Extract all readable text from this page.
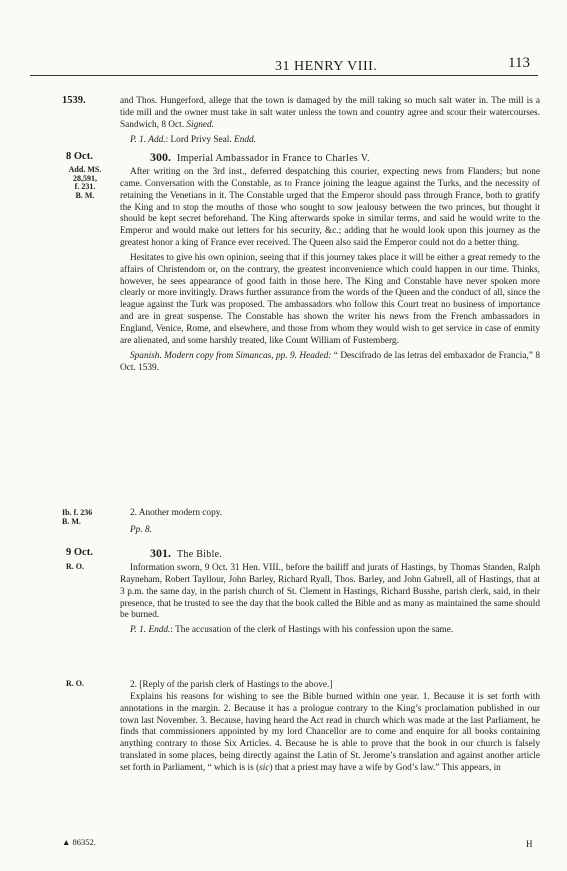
31 HENRY VIII.	113
1539.	and Thos. Hungerford, allege that the town is damaged by the mill taking so much salt water in. The mill is a tide mill and the owner must take in salt water unless the town and country agree and scour their watercourses. Sandwich, 8 Oct. Signed.

P. 1. Add.: Lord Privy Seal. Endd.

8 Oct.
Add. MS.
28,591,
f. 231.
B. M.
300. Imperial Ambassador in France to Charles V.

After writing on the 3rd inst., deferred despatching this courier, expecting news from Flanders; but none came. Conversation with the Constable, as to France joining the league against the Turks, and the necessity of retaining the Venetians in it. The Constable urged that the Emperor should pass through France, both to gratify the King and to stop the mouths of those who sought to sow jealousy between the two princes, but thought it should be kept secret beforehand. The King afterwards spoke in similar terms, and said he would write to the Emperor and would make out letters for his security, &c.; adding that he would look upon this journey as the greatest honor a king of France ever received. The Queen also said the Emperor could not do a better thing.

Hesitates to give his own opinion, seeing that if this journey takes place it will be either a great remedy to the affairs of Christendom or, on the contrary, the greatest inconvenience which could happen in our time. Thinks, however, he sees appearance of good faith in those here. The King and Constable have never spoken more clearly or more invitingly. Draws further assurance from the words of the Queen and the conduct of all, since the league against the Turk was proposed. The ambassadors who follow this Court treat no business of importance and are in great suspense. The Constable has shown the writer his news from the French ambassadors in England, Venice, Rome, and elsewhere, and those from whom they would wish to get service in case of enmity are alienated, and some harshly treated, like Count William of Fustemberg.

Spanish. Modern copy from Simancas, pp. 9. Headed: “ Descifrado de las letras del embaxador de Francia,” 8 Oct. 1539.

Ib. f. 236
B. M.

2. Another modern copy.

Pp. 8.

9 Oct.
R. O.
301. The Bible.

Information sworn, 9 Oct. 31 Hen. VIII., before the bailiff and jurats of Hastings, by Thomas Standen, Ralph Rayneham, Robert Tayllour, John Barley, Richard Ryall, Thos. Barley, and John Gabrell, all of Hastings, that at 3 p.m. the same day, in the parish church of St. Clement in Hastings, Richard Busshe, parish clerk, said, in their presence, that he trusted to see the day that the book called the Bible and as many as maintained the same should be burned.

P. 1. Endd.: The accusation of the clerk of Hastings with his confession upon the same.

R. O.	2. [Reply of the parish clerk of Hastings to the above.]

Explains his reasons for wishing to see the Bible burned within one year. 1. Because it is set forth with annotations in the margin. 2. Because it has a prologue contrary to the King’s proclamation published in our town last November. 3. Because, having heard the Act read in church which was made at the last Parliament, he finds that commissioners appointed by my lord Chancellor are to come and enquire for all books containing anything contrary to those Six Articles. 4. Because he is able to prove that the book in our church is falsely translated in some places, being directly against the Latin of St. Jerome’s translation and against another article set forth in Parliament, “ which is is (sic) that a priest may have a wife by God’s law.” This appears, in

▲ 86352.	H
